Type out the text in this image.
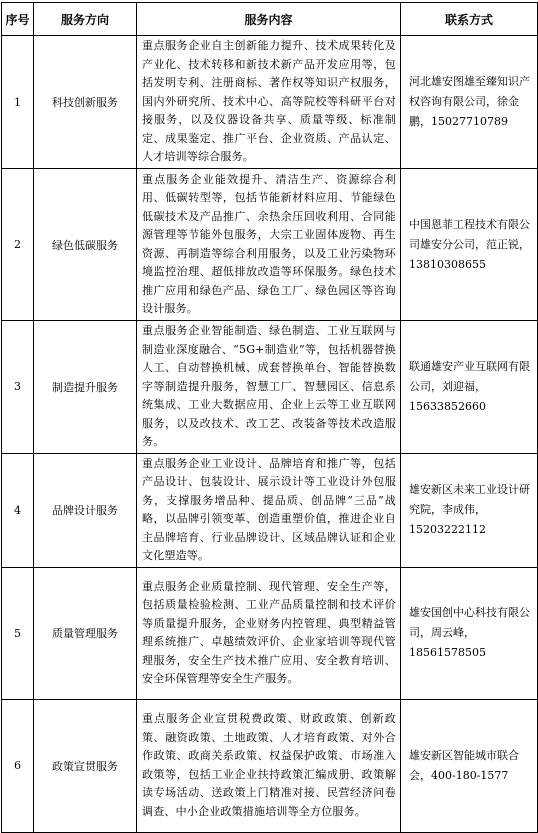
序号	服务方向	服务内容	联系方式
1	科技创新服务	重点服务企业自主创新能力提升、技术成果转化及产业化、技术转移和新技术新产品开发应用等，包括发明专利、注册商标、著作权等知识产权服务，国内外研究所、技术中心、高等院校等科研平台对接服务，以及仪器设备共享、质量等级、标准制定、成果鉴定、推广平台、企业资质、产品认定、人才培训等综合服务。	河北雄安图雄至臻知识产权咨询有限公司，徐金鹏，15027710789
2	绿色低碳服务	重点服务企业能效提升、清洁生产、资源综合利用、低碳转型等，包括节能新材料应用、节能绿色低碳技术及产品推广、余热余压回收利用、合同能源管理等节能外包服务，大宗工业固体废物、再生资源、再制造等综合利用服务，以及工业污染物环境监控治理、超低排放改造等环保服务。绿色技术推广应用和绿色产品、绿色工厂、绿色园区等咨询设计服务。	中国恩菲工程技术有限公司雄安分公司，范正锐，13810308655
3	制造提升服务	重点服务企业智能制造、绿色制造、工业互联网与制造业深度融合、“5G+制造业”等，包括机器替换人工、自动替换机械、成套替换单台、智能替换数字等制造提升服务，智慧工厂、智慧园区、信息系统集成、工业大数据应用、企业上云等工业互联网服务，以及改技术、改工艺、改装备等技术改造服务。	联通雄安产业互联网有限公司，刘迎福，15633852660
4	品牌设计服务	重点服务企业工业设计、品牌培育和推广等，包括产品设计、包装设计、展示设计等工业设计外包服务，支撑服务增品种、提品质、创品牌“三品”战略，以品牌引领变革、创造重塑价值，推进企业自主品牌培育、行业品牌设计、区域品牌认证和企业文化塑造等。	雄安新区未来工业设计研究院，李成伟，15203222112
5	质量管理服务	重点服务企业质量控制、现代管理、安全生产等，包括质量检验检测、工业产品质量控制和技术评价等质量提升服务，企业财务内控管理、典型精益管理系统推广、卓越绩效评价、企业家培训等现代管理服务，安全生产技术推广应用、安全教育培训、安全环保管理等安全生产服务。	雄安国创中心科技有限公司，周云峰，18561578505
6	政策宣贯服务	重点服务企业宣贯税费政策、财政政策、创新政策、融资政策、土地政策、人才培育政策、对外合作政策、政商关系政策、权益保护政策、市场准入政策等，包括工业企业扶持政策汇编成册、政策解读专场活动、送政策上门精准对接、民营经济问卷调查、中小企业政策措施培训等全方位服务。	雄安新区智能城市联合会，400-180-1577
